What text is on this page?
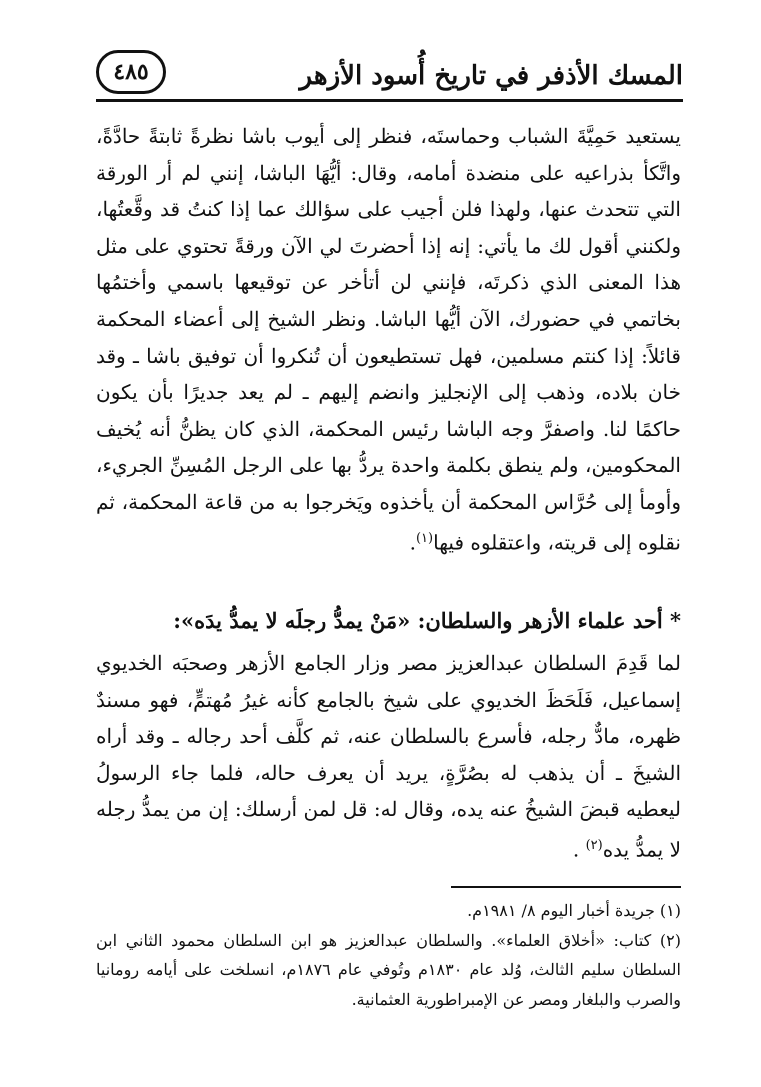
المسك الأذفر في تاريخ أُسود الأزهر
٤٨٥

يستعيد حَمِيَّةَ الشباب وحماستَه، فنظر إلى أيوب باشا نظرةً ثابتةً حادَّةً، واتَّكأ بذراعيه على منضدة أمامه، وقال: أيُّهَا الباشا، إنني لم أر الورقة التي تتحدث عنها، ولهذا فلن أجيب على سؤالك عما إذا كنتُ قد وقَّعتُها، ولكنني أقول لك ما يأتي: إنه إذا أحضرتَ لي الآن ورقةً تحتوي على مثل هذا المعنى الذي ذكرتَه، فإنني لن أتأخر عن توقيعها باسمي وأختمُها بخاتمي في حضورك، الآن أيُّها الباشا. ونظر الشيخ إلى أعضاء المحكمة قائلاً: إذا كنتم مسلمين، فهل تستطيعون أن تُنكروا أن توفيق باشا ـ وقد خان بلاده، وذهب إلى الإنجليز وانضم إليهم ـ لم يعد جديرًا بأن يكون حاكمًا لنا. واصفرَّ وجه الباشا رئيس المحكمة، الذي كان يظنُّ أنه يُخيف المحكومين، ولم ينطق بكلمة واحدة يردُّ بها على الرجل المُسِنِّ الجريء، وأومأ إلى حُرَّاس المحكمة أن يأخذوه ويَخرجوا به من قاعة المحكمة، ثم نقلوه إلى قريته، واعتقلوه فيها$^{(١)}$.

* أحد علماء الأزهر والسلطان: «مَنْ يمدُّ رجلَه لا يمدُّ يدَه»:

لما قَدِمَ السلطان عبدالعزيز مصر وزار الجامع الأزهر وصحبَه الخديوي إسماعيل، فَلَحَظَ الخديوي على شيخ بالجامع كأنه غيرُ مُهتمٍّ، فهو مسندٌ ظهره، مادٌّ رجله، فأسرع بالسلطان عنه، ثم كلَّف أحد رجاله ـ وقد أراه الشيخَ ـ أن يذهب له بصُرَّةٍ، يريد أن يعرف حاله، فلما جاء الرسولُ ليعطيه قبضَ الشيخُ عنه يده، وقال له: قل لمن أرسلك: إن من يمدُّ رجله لا يمدُّ يده$^{(٢)}$ .

(١) جريدة أخبار اليوم ٨/ ١٩٨١م.

(٢) كتاب: «أخلاق العلماء». والسلطان عبدالعزيز هو ابن السلطان محمود الثاني ابن السلطان سليم الثالث، وُلد عام ١٨٣٠م وتُوفي عام ١٨٧٦م، انسلخت على أيامه رومانيا والصرب والبلغار ومصر عن الإمبراطورية العثمانية.
